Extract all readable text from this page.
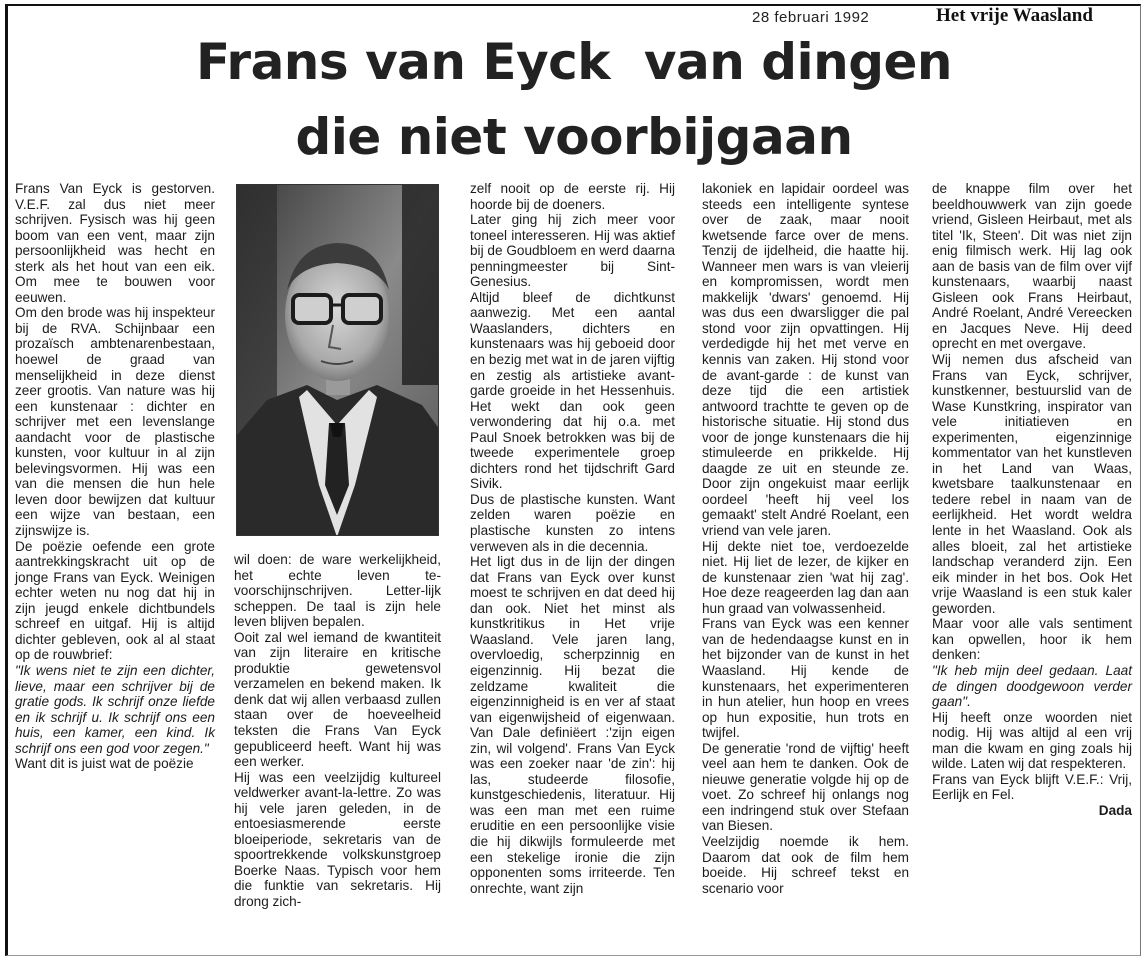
28 februari 1992	Het vrije Waasland
Frans van Eyck  van dingen
die niet voorbijgaan

Frans Van Eyck is gestorven. V.E.F. zal dus niet meer schrijven. Fysisch was hij geen boom van een vent, maar zijn persoonlijkheid was hecht en sterk als het hout van een eik. Om mee te bouwen voor eeuwen.

Om den brode was hij inspekteur bij de RVA. Schijnbaar een prozaïsch ambtenarenbestaan, hoewel de graad van menselijkheid in deze dienst zeer grootis. Van nature was hij een kunstenaar : dichter en schrijver met een levenslange aandacht voor de plastische kunsten, voor kultuur in al zijn belevingsvormen. Hij was een van die mensen die hun hele leven door bewijzen dat kultuur een wijze van bestaan, een zijnswijze is.

De poëzie oefende een grote aantrekkingskracht uit op de jonge Frans van Eyck. Weinigen echter weten nu nog dat hij in zijn jeugd enkele dichtbundels schreef en uitgaf. Hij is altijd dichter gebleven, ook al al staat op de rouwbrief:

"Ik wens niet te zijn een dichter, lieve, maar een schrijver bij de gratie gods. Ik schrijf onze liefde en ik schrijf u. Ik schrijf ons een huis, een kamer, een kind. Ik schrijf ons een god voor zegen."

Want dit is juist wat de poëzie

wil doen: de ware werkelijkheid, het echte leven te-voorschijnschrijven. Letter-lijk scheppen. De taal is zijn hele leven blijven bepalen.

Ooit zal wel iemand de kwantiteit van zijn literaire en kritische produktie gewetensvol verzamelen en bekend maken. Ik denk dat wij allen verbaasd zullen staan over de hoeveelheid teksten die Frans Van Eyck gepubliceerd heeft. Want hij was een werker.

Hij was een veelzijdig kultureel veldwerker avant-la-lettre. Zo was hij vele jaren geleden, in de entoesiasmerende eerste bloeiperiode, sekretaris van de spoortrekkende volkskunstgroep Boerke Naas. Typisch voor hem die funktie van sekretaris. Hij drong zich-

zelf nooit op de eerste rij. Hij hoorde bij de doeners.

Later ging hij zich meer voor toneel interesseren. Hij was aktief bij de Goudbloem en werd daarna penningmeester bij Sint-Genesius.

Altijd bleef de dichtkunst aanwezig. Met een aantal Waaslanders, dichters en kunstenaars was hij geboeid door en bezig met wat in de jaren vijftig en zestig als artistieke avant-garde groeide in het Hessenhuis. Het wekt dan ook geen verwondering dat hij o.a. met Paul Snoek betrokken was bij de tweede experimentele groep dichters rond het tijdschrift Gard Sivik.

Dus de plastische kunsten. Want zelden waren poëzie en plastische kunsten zo intens verweven als in die decennia.

Het ligt dus in de lijn der dingen dat Frans van Eyck over kunst moest te schrijven en dat deed hij dan ook. Niet het minst als kunstkritikus in Het vrije Waasland. Vele jaren lang, overvloedig, scherpzinnig en eigenzinnig. Hij bezat die zeldzame kwaliteit die eigenzinnigheid is en ver af staat van eigenwijsheid of eigenwaan. Van Dale definiëert :'zijn eigen zin, wil volgend'. Frans Van Eyck was een zoeker naar 'de zin': hij las, studeerde filosofie, kunstgeschiedenis, literatuur. Hij was een man met een ruime eruditie en een persoonlijke visie die hij dikwijls formuleerde met een stekelige ironie die zijn opponenten soms irriteerde. Ten onrechte, want zijn

lakoniek en lapidair oordeel was steeds een intelligente syntese over de zaak, maar nooit kwetsende farce over de mens. Tenzij de ijdelheid, die haatte hij. Wanneer men wars is van vleierij en kompromissen, wordt men makkelijk 'dwars' genoemd. Hij was dus een dwarsligger die pal stond voor zijn opvattingen. Hij verdedigde hij het met verve en kennis van zaken. Hij stond voor de avant-garde : de kunst van deze tijd die een artistiek antwoord trachtte te geven op de historische situatie. Hij stond dus voor de jonge kunstenaars die hij stimuleerde en prikkelde. Hij daagde ze uit en steunde ze. Door zijn ongekuist maar eerlijk oordeel 'heeft hij veel los gemaakt' stelt André Roelant, een vriend van vele jaren.

Hij dekte niet toe, verdoezelde niet. Hij liet de lezer, de kijker en de kunstenaar zien 'wat hij zag'. Hoe deze reageerden lag dan aan hun graad van volwassenheid.

Frans van Eyck was een kenner van de hedendaagse kunst en in het bijzonder van de kunst in het Waasland. Hij kende de kunstenaars, het experimenteren in hun atelier, hun hoop en vrees op hun expositie, hun trots en twijfel.

De generatie 'rond de vijftig' heeft veel aan hem te danken. Ook de nieuwe generatie volgde hij op de voet. Zo schreef hij onlangs nog een indringend stuk over Stefaan van Biesen.

Veelzijdig noemde ik hem. Daarom dat ook de film hem boeide. Hij schreef tekst en scenario voor

de knappe film over het beeldhouwwerk van zijn goede vriend, Gisleen Heirbaut, met als titel 'Ik, Steen'. Dit was niet zijn enig filmisch werk. Hij lag ook aan de basis van de film over vijf kunstenaars, waarbij naast Gisleen ook Frans Heirbaut, André Roelant, André Vereecken en Jacques Neve. Hij deed oprecht en met overgave.

Wij nemen dus afscheid van Frans van Eyck, schrijver, kunstkenner, bestuurslid van de Wase Kunstkring, inspirator van vele initiatieven en experimenten, eigenzinnige kommentator van het kunstleven in het Land van Waas, kwetsbare taalkunstenaar en tedere rebel in naam van de eerlijkheid. Het wordt weldra lente in het Waasland. Ook als alles bloeit, zal het artistieke landschap veranderd zijn. Een eik minder in het bos. Ook Het vrije Waasland is een stuk kaler geworden.

Maar voor alle vals sentiment kan opwellen, hoor ik hem denken:

"Ik heb mijn deel gedaan. Laat de dingen doodgewoon verder gaan".

Hij heeft onze woorden niet nodig. Hij was altijd al een vrij man die kwam en ging zoals hij wilde. Laten wij dat respekteren.

Frans van Eyck blijft V.E.F.: Vrij, Eerlijk en Fel.

Dada
